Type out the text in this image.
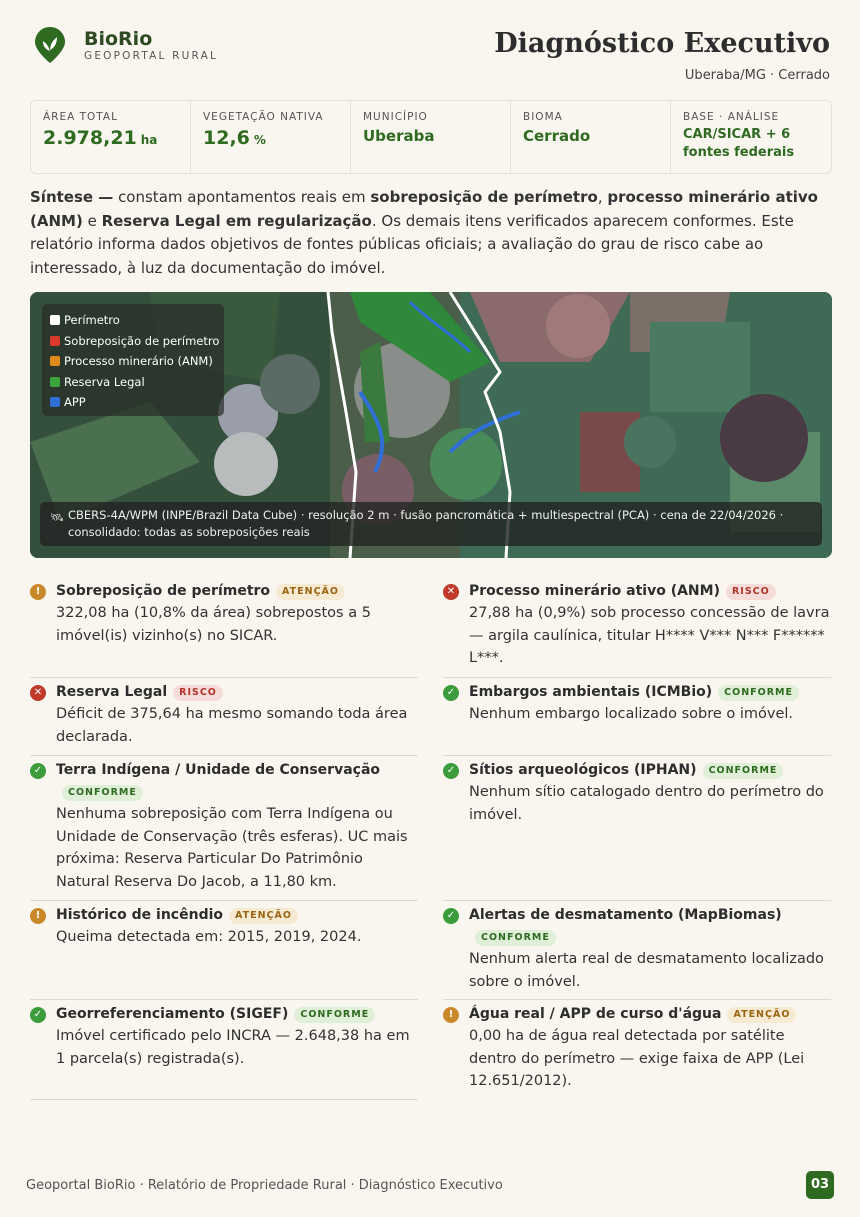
BioRio
GEOPORTAL RURAL	Diagnóstico Executivo
Uberaba/MG · Cerrado
ÁREA TOTAL
2.978,21 ha
VEGETAÇÃO NATIVA
12,6 %
MUNICÍPIO
Uberaba
BIOMA
Cerrado
BASE · ANÁLISE
CAR/SICAR + 6 fontes federais

Síntese — constam apontamentos reais em sobreposição de perímetro, processo minerário ativo (ANM) e Reserva Legal em regularização. Os demais itens verificados aparecem conformes. Este relatório informa dados objetivos de fontes públicas oficiais; a avaliação do grau de risco cabe ao interessado, à luz da documentação do imóvel.

Perímetro
Sobreposição de perímetro
Processo minerário (ANM)
Reserva Legal
APP
🛰 CBERS-4A/WPM (INPE/Brazil Data Cube) · resolução 2 m · fusão pancromática + multiespectral (PCA) · cena de 22/04/2026 · consolidado: todas as sobreposições reais
!	Sobreposição de perímetro ATENÇÃO
322,08 ha (10,8% da área) sobrepostos a 5 imóvel(is) vizinho(s) no SICAR.
✕ Reserva Legal RISCO
Déficit de 375,64 ha mesmo somando toda área declarada.
✓ Terra Indígena / Unidade de ConservaçãoCONFORME
Nenhuma sobreposição com Terra Indígena ou Unidade de Conservação (três esferas). UC mais próxima: Reserva Particular Do Patrimônio Natural Reserva Do Jacob, a 11,80 km.
!	Histórico de incêndio ATENÇÃO
Queima detectada em: 2015, 2019, 2024.
✓ Georreferenciamento (SIGEF) CONFORME
Imóvel certificado pelo INCRA — 2.648,38 ha em 1 parcela(s) registrada(s).
✕ Processo minerário ativo (ANM) RISCO
27,88 ha (0,9%) sob processo concessão de lavra — argila caulínica, titular H**** V*** N*** F****** L***.
✓ Embargos ambientais (ICMBio) CONFORME
Nenhum embargo localizado sobre o imóvel.
✓ Sítios arqueológicos (IPHAN) CONFORME
Nenhum sítio catalogado dentro do perímetro do imóvel.
✓ Alertas de desmatamento (MapBiomas)CONFORME
Nenhum alerta real de desmatamento localizado sobre o imóvel.
!	Água real / APP de curso d'água ATENÇÃO
0,00 ha de água real detectada por satélite dentro do perímetro — exige faixa de APP (Lei 12.651/2012).
Geoportal BioRio · Relatório de Propriedade Rural · Diagnóstico Executivo	03
